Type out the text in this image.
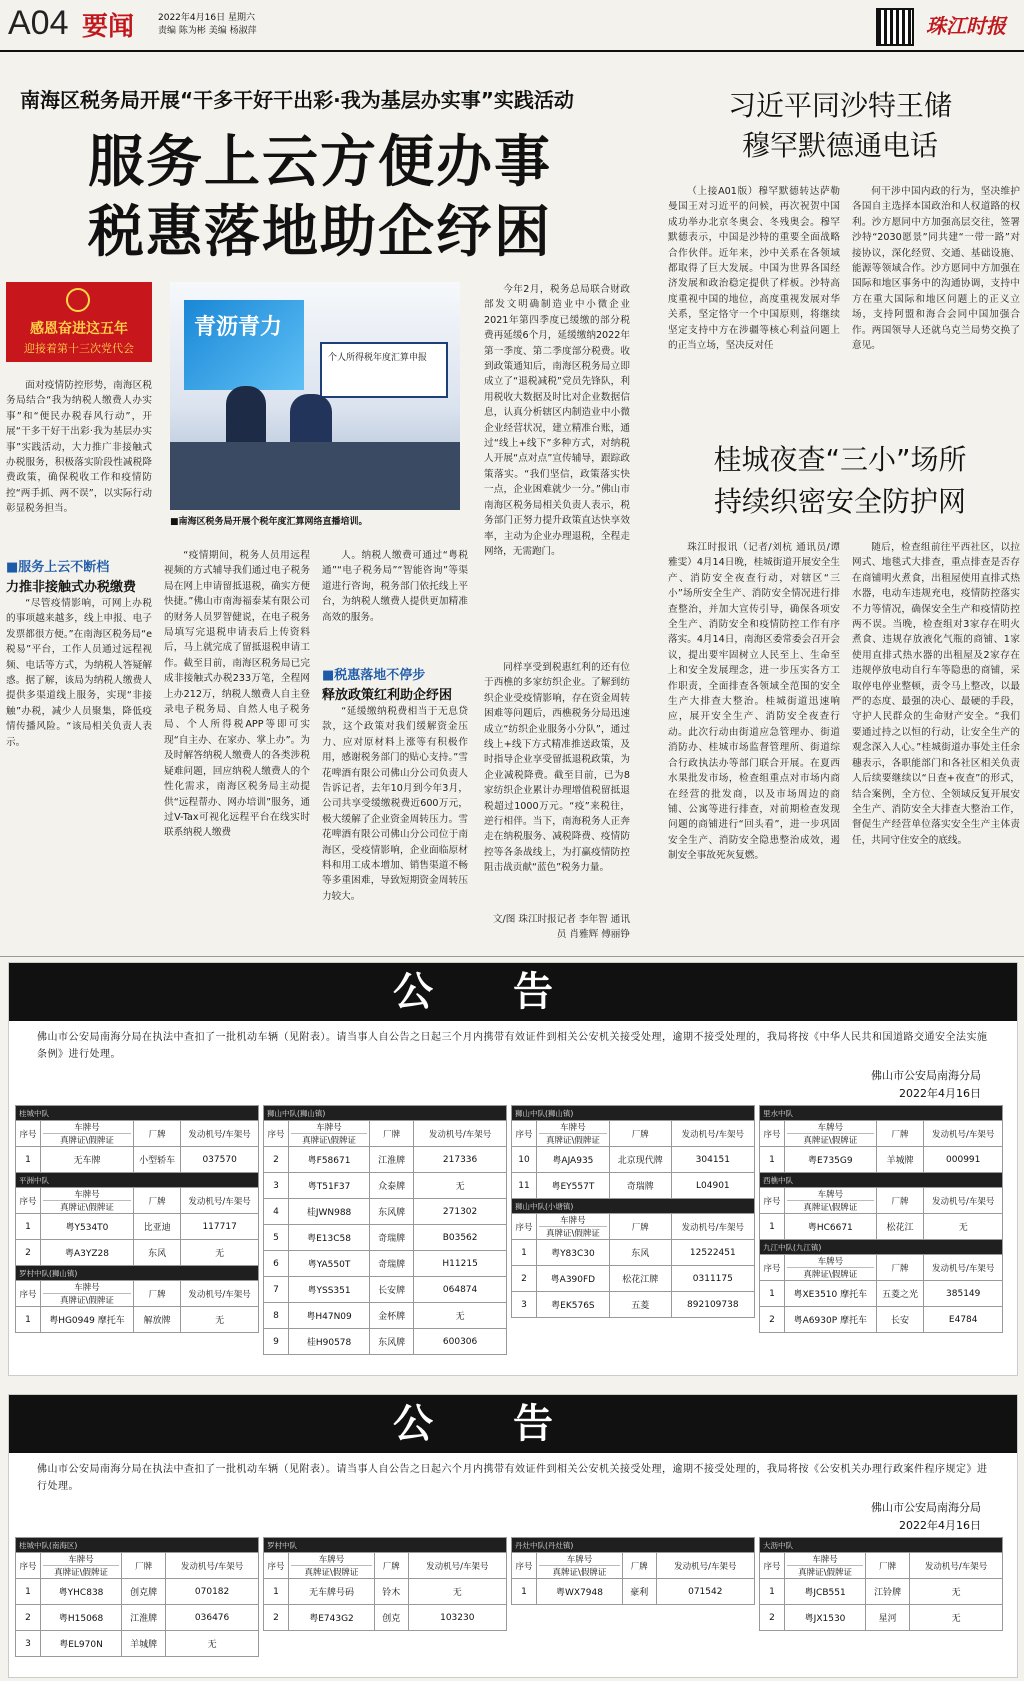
A04 要闻	2022年4月16日 星期六
责编 陈为彬 美编 杨淑萍	珠江时报
南海区税务局开展“干多干好干出彩·我为基层办实事”实践活动
服务上云方便办事
税惠落地助企纾困
感恩奋进这五年
迎接着第十三次党代会
青沥青力
个人所得税年度汇算申报
■南海区税务局开展个税年度汇算网络直播培训。

面对疫情防控形势，南海区税务局结合“我为纳税人缴费人办实事”和“便民办税春风行动”，开展“干多干好干出彩·我为基层办实事”实践活动，大力推广非接触式办税服务，积极落实阶段性减税降费政策，确保税收工作和疫情防控“两手抓、两不误”，以实际行动彰显税务担当。

■服务上云不断档
力推非接触式办税缴费

“尽管疫情影响，可网上办税的事项越来越多，线上申报、电子发票都很方便。”在南海区税务局“e税易”平台，工作人员通过远程视频、电话等方式，为纳税人答疑解惑。据了解，该局为纳税人缴费人提供多渠道线上服务，实现“非接触”办税，减少人员聚集，降低疫情传播风险。“该局相关负责人表示。

“疫情期间，税务人员用远程视频的方式辅导我们通过电子税务局在网上申请留抵退税，确实方便快捷。”佛山市南海福泰某有限公司的财务人员罗智健说，在电子税务局填写完退税申请表后上传资料后，马上就完成了留抵退税申请工作。截至目前，南海区税务局已完成非接触式办税233万笔，全程网上办212万，纳税人缴费人自主登录电子税务局、自然人电子税务局、个人所得税APP等即可实现“自主办、在家办、掌上办”。为及时解答纳税人缴费人的各类涉税疑难问题，回应纳税人缴费人的个性化需求，南海区税务局主动提供“远程帮办、网办培训”服务，通过V-Tax可视化远程平台在线实时联系纳税人缴费

人。纳税人缴费可通过“粤税通”“电子税务局”“智能咨询”等渠道进行咨询，税务部门依托线上平台，为纳税人缴费人提供更加精准高效的服务。

■税惠落地不停步
释放政策红利助企纾困

“延缓缴纳税费相当于无息贷款，这个政策对我们缓解资金压力、应对原材料上涨等有积极作用，感谢税务部门的贴心支持。”雪花啤酒有限公司佛山分公司负责人告诉记者，去年10月到今年3月，公司共享受缓缴税费近600万元，极大缓解了企业资金周转压力。雪花啤酒有限公司佛山分公司位于南海区，受疫情影响，企业面临原材料和用工成本增加、销售渠道不畅等多重困难，导致短期资金周转压力较大。

今年2月，税务总局联合财政部发文明确制造业中小微企业2021年第四季度已缓缴的部分税费再延缓6个月，延缓缴纳2022年第一季度、第二季度部分税费。收到政策通知后，南海区税务局立即成立了“退税减税”党员先锋队，利用税收大数据及时比对企业数据信息，认真分析辖区内制造业中小微企业经营状况，建立精准台账，通过“线上+线下”多种方式，对纳税人开展“点对点”宣传辅导，跟踪政策落实。“我们坚信，政策落实快一点，企业困难就少一分。”佛山市南海区税务局相关负责人表示，税务部门正努力提升政策直达快享效率，主动为企业办理退税，全程走网络，无需跑门。

同样享受到税惠红利的还有位于西樵的多家纺织企业。了解到纺织企业受疫情影响，存在资金周转困难等问题后，西樵税务分局迅速成立“纺织企业服务小分队”，通过线上+线下方式精准推送政策，及时指导企业享受留抵退税政策，为企业减税降费。截至目前，已为8家纺织企业累计办理增值税留抵退税超过1000万元。“疫”来税往，逆行相伴。当下，南海税务人正奔走在纳税服务、减税降费、疫情防控等各条战线上，为打赢疫情防控阻击战贡献“蓝色”税务力量。

文/图 珠江时报记者 李年智 通讯员 肖雅辉 傅丽铮
习近平同沙特王储
穆罕默德通电话

（上接A01版）穆罕默德转达萨勒曼国王对习近平的问候，再次祝贺中国成功举办北京冬奥会、冬残奥会。穆罕默德表示，中国是沙特的重要全面战略合作伙伴。近年来，沙中关系在各领域都取得了巨大发展。中国为世界各国经济发展和政治稳定提供了样板。沙特高度重视中国的地位，高度重视发展对华关系，坚定恪守一个中国原则，将继续坚定支持中方在涉疆等核心利益问题上的正当立场，坚决反对任

何干涉中国内政的行为，坚决维护各国自主选择本国政治和人权道路的权利。沙方愿同中方加强高层交往，签署沙特“2030愿景”同共建“一带一路”对接协议，深化经贸、交通、基础设施、能源等领域合作。沙方愿同中方加强在国际和地区事务中的沟通协调，支持中方在重大国际和地区问题上的正义立场，支持阿盟和海合会同中国加强合作。两国领导人还就乌克兰局势交换了意见。

桂城夜查“三小”场所
持续织密安全防护网

珠江时报讯（记者/刘杭 通讯员/谭雅雯）4月14日晚，桂城街道开展安全生产、消防安全夜查行动，对辖区“三小”场所安全生产、消防安全情况进行排查整治，并加大宣传引导，确保各项安全生产、消防安全和疫情防控工作有序落实。4月14日，南海区委常委会召开会议，提出要牢固树立人民至上、生命至上和安全发展理念，进一步压实各方工作职责，全面排查各领域全范围的安全生产大排查大整治。桂城街道迅速响应，展开安全生产、消防安全夜查行动。此次行动由街道应急管理办、街道消防办、桂城市场监督管理所、街道综合行政执法办等部门联合开展。在夏西水果批发市场，检查组重点对市场内商在经营的批发商，以及市场周边的商铺、公寓等进行排查，对前期检查发现问题的商铺进行“回头看”，进一步巩固安全生产、消防安全隐患整治成效，遏制安全事故死灰复燃。

随后，检查组前往平西社区，以拉网式、地毯式大排查，重点排查是否存在商铺明火煮食，出租屋使用直排式热水器，电动车违规充电，疫情防控落实不力等情况，确保安全生产和疫情防控两不误。当晚，检查组对3家存在明火煮食、违规存放液化气瓶的商铺、1家使用直排式热水器的出租屋及2家存在违规停放电动自行车等隐患的商铺，采取停电停业整顿，责令马上整改，以最严的态度、最强的决心、最硬的手段，守护人民群众的生命财产安全。“我们要通过持之以恒的行动，让安全生产的观念深入人心。”桂城街道办事处主任余穗表示，各职能部门和各社区相关负责人后续要继续以“日查+夜查”的形式，结合案例，全方位、全领域反复开展安全生产、消防安全大排查大整治工作，督促生产经营单位落实安全生产主体责任，共同守住安全的底线。

公告
佛山市公安局南海分局在执法中查扣了一批机动车辆（见附表）。请当事人自公告之日起三个月内携带有效证件到相关公安机关接受处理，逾期不接受处理的，我局将按《中华人民共和国道路交通安全法实施条例》进行处理。
佛山市公安局南海分局
2022年4月16日
桂城中队			
序号	车牌号
真牌证\假牌证	厂牌	发动机号/车架号
1	无车牌	小型轿车	037570
平洲中队			
序号	车牌号
真牌证\假牌证	厂牌	发动机号/车架号
1	粤Y534T0	比亚迪	117717
2	粤A3YZ28	东风	无
罗村中队(狮山镇)			
序号	车牌号
真牌证\假牌证	厂牌	发动机号/车架号
1	粤HG0949 摩托车	解放牌	无
狮山中队(狮山镇)			
序号	车牌号
真牌证\假牌证	厂牌	发动机号/车架号
2	粤F58671	江淮牌	217336
3	粤T51F37	众泰牌	无
4	桂JWN988	东风牌	271302
5	粤E13C58	奇瑞牌	B03562
6	粤YA550T	奇瑞牌	H11215
7	粤YSS351	长安牌	064874
8	粤H47N09	金杯牌	无
9	桂H90578	东风牌	600306
狮山中队(狮山镇)			
序号	车牌号
真牌证\假牌证	厂牌	发动机号/车架号
10	粤AJA935	北京现代牌	304151
11	粤EY557T	奇瑞牌	L04901
狮山中队(小塘镇)			
序号	车牌号
真牌证\假牌证	厂牌	发动机号/车架号
1	粤Y83C30	东风	12522451
2	粤A390FD	松花江牌	0311175
3	粤EK576S	五菱	892109738
里水中队			
序号	车牌号
真牌证\假牌证	厂牌	发动机号/车架号
1	粤E735G9	羊城牌	000991
西樵中队			
序号	车牌号
真牌证\假牌证	厂牌	发动机号/车架号
1	粤HC6671	松花江	无
九江中队(九江镇)			
序号	车牌号
真牌证\假牌证	厂牌	发动机号/车架号
1	粤XE3510 摩托车	五菱之光	385149
2	粤A6930P 摩托车	长安	E4784
公告
佛山市公安局南海分局在执法中查扣了一批机动车辆（见附表）。请当事人自公告之日起六个月内携带有效证件到相关公安机关接受处理，逾期不接受处理的，我局将按《公安机关办理行政案件程序规定》进行处理。
佛山市公安局南海分局
2022年4月16日
桂城中队(南海区)			
序号	车牌号
真牌证\假牌证	厂牌	发动机号/车架号
1	粤YHC838	创克牌	070182
2	粤H15068	江淮牌	036476
3	粤EL970N	羊城牌	无
罗村中队			
序号	车牌号
真牌证\假牌证	厂牌	发动机号/车架号
1	无车牌号码	铃木	无
2	粤E743G2	创克	103230
丹灶中队(丹灶镇)			
序号	车牌号
真牌证\假牌证	厂牌	发动机号/车架号
1	粤WX7948	豪利	071542
大沥中队			
序号	车牌号
真牌证\假牌证	厂牌	发动机号/车架号
1	粤JCB551	江铃牌	无
2	粤JX1530	星河	无
